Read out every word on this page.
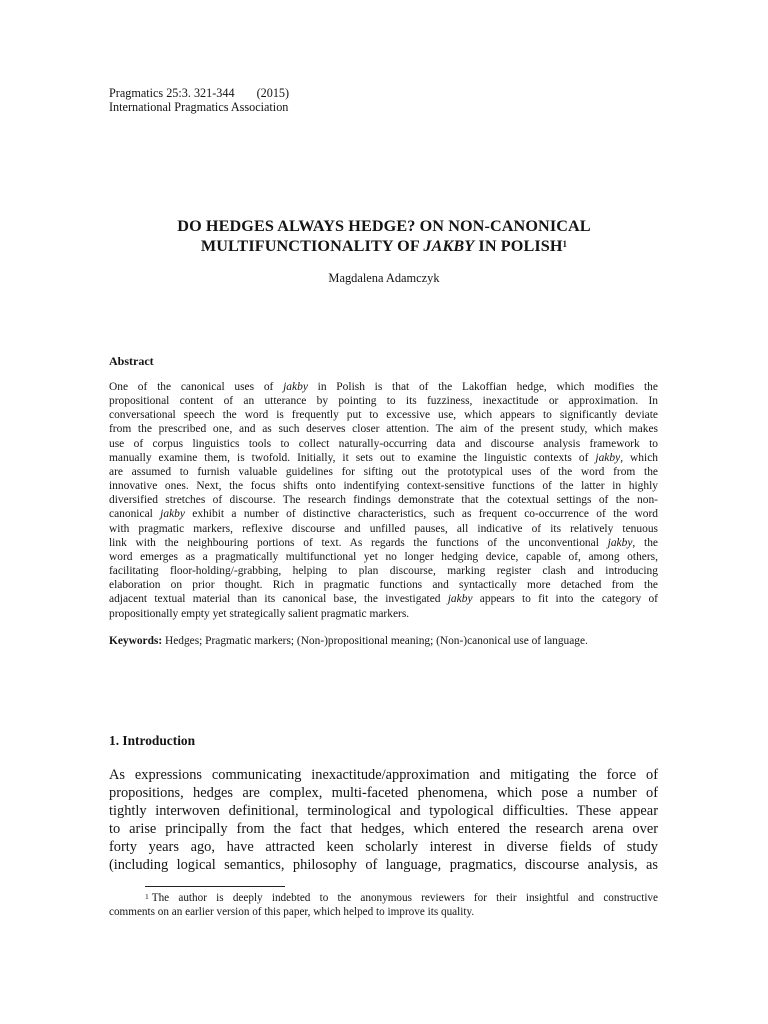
Pragmatics 25:3. 321-344 (2015)
International Pragmatics Association
DO HEDGES ALWAYS HEDGE? ON NON-CANONICAL
MULTIFUNCTIONALITY OF JAKBY IN POLISH$^1$
Magdalena Adamczyk
Abstract
One of the canonical uses of jakby in Polish is that of the Lakoffian hedge, which modifies the
propositional content of an utterance by pointing to its fuzziness, inexactitude or approximation. In
conversational speech the word is frequently put to excessive use, which appears to significantly deviate
from the prescribed one, and as such deserves closer attention. The aim of the present study, which makes
use of corpus linguistics tools to collect naturally-occurring data and discourse analysis framework to
manually examine them, is twofold. Initially, it sets out to examine the linguistic contexts of jakby, which
are assumed to furnish valuable guidelines for sifting out the prototypical uses of the word from the
innovative ones. Next, the focus shifts onto indentifying context-sensitive functions of the latter in highly
diversified stretches of discourse. The research findings demonstrate that the cotextual settings of the non-
canonical jakby exhibit a number of distinctive characteristics, such as frequent co-occurrence of the word
with pragmatic markers, reflexive discourse and unfilled pauses, all indicative of its relatively tenuous
link with the neighbouring portions of text. As regards the functions of the unconventional jakby, the
word emerges as a pragmatically multifunctional yet no longer hedging device, capable of, among others,
facilitating floor-holding/-grabbing, helping to plan discourse, marking register clash and introducing
elaboration on prior thought. Rich in pragmatic functions and syntactically more detached from the
adjacent textual material than its canonical base, the investigated jakby appears to fit into the category of
propositionally empty yet strategically salient pragmatic markers.
Keywords: Hedges; Pragmatic markers; (Non-)propositional meaning; (Non-)canonical use of language.
1. Introduction
As expressions communicating inexactitude/approximation and mitigating the force of
propositions, hedges are complex, multi-faceted phenomena, which pose a number of
tightly interwoven definitional, terminological and typological difficulties. These appear
to arise principally from the fact that hedges, which entered the research arena over
forty years ago, have attracted keen scholarly interest in diverse fields of study
(including logical semantics, philosophy of language, pragmatics, discourse analysis, as
$^1$ The author is deeply indebted to the anonymous reviewers for their insightful and constructive
comments on an earlier version of this paper, which helped to improve its quality.
